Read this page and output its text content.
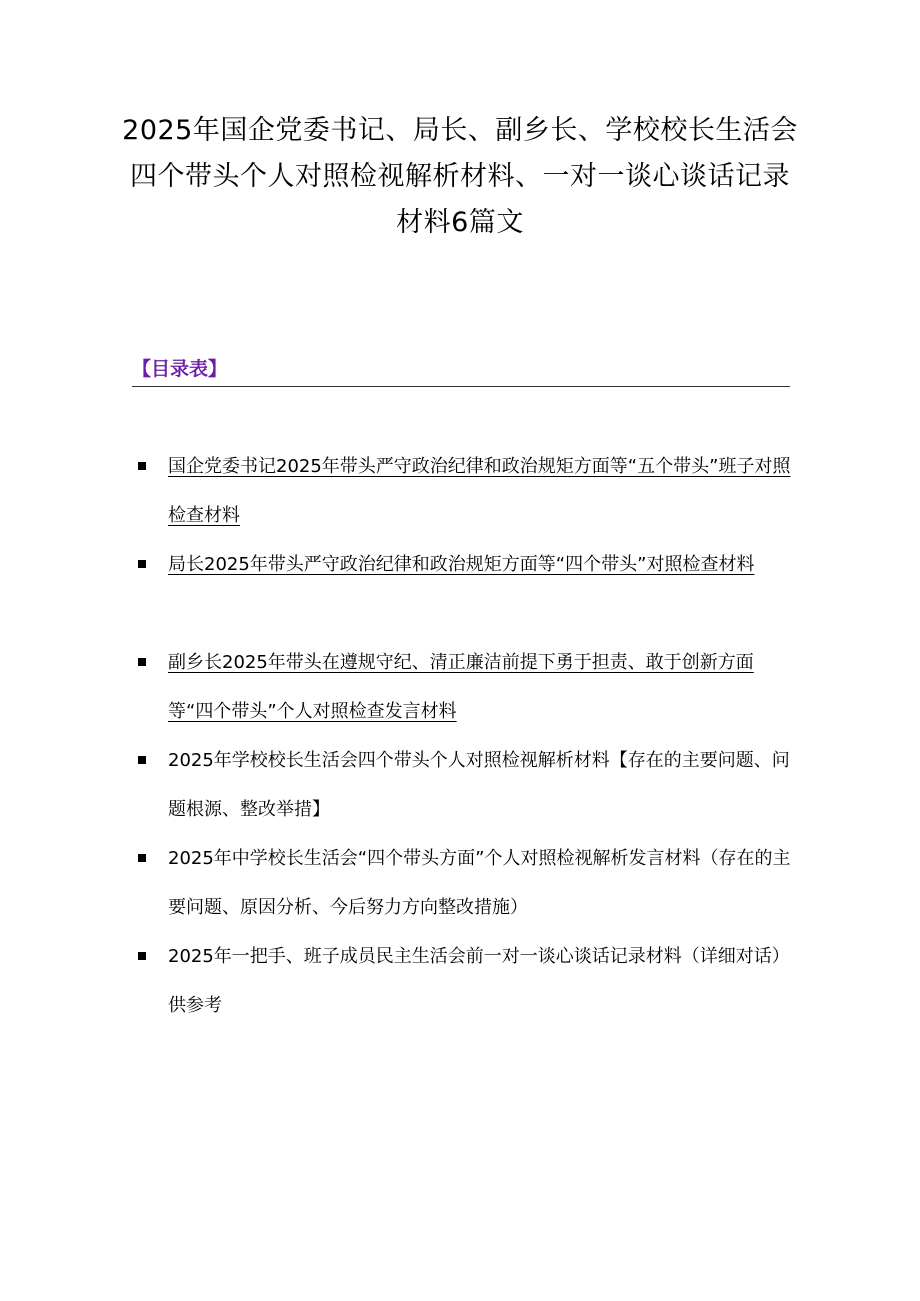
2025年国企党委书记、局长、副乡长、学校校长生活会四个带头个人对照检视解析材料、一对一谈心谈话记录材料6篇文
【目录表】
国企党委书记2025年带头严守政治纪律和政治规矩方面等“五个带头”班子对照检查材料
局长2025年带头严守政治纪律和政治规矩方面等“四个带头”对照检查材料
副乡长2025年带头在遵规守纪、清正廉洁前提下勇于担责、敢于创新方面等“四个带头”个人对照检查发言材料
2025年学校校长生活会四个带头个人对照检视解析材料【存在的主要问题、问题根源、整改举措】
2025年中学校长生活会“四个带头方面”个人对照检视解析发言材料（存在的主要问题、原因分析、今后努力方向整改措施）
2025年一把手、班子成员民主生活会前一对一谈心谈话记录材料（详细对话）供参考
